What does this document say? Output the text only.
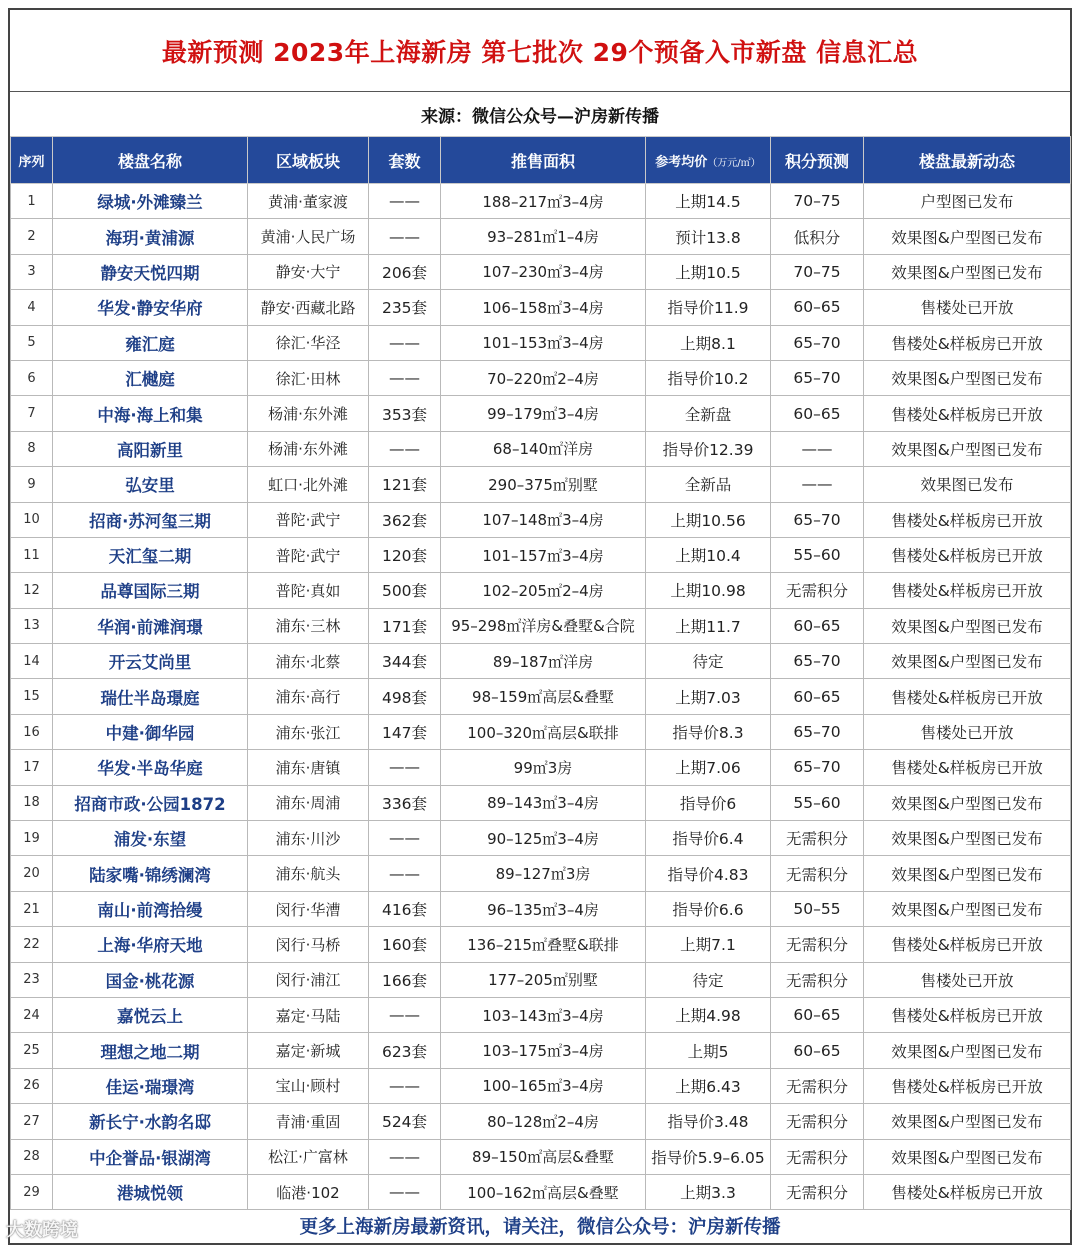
最新预测 2023年上海新房 第七批次 29个预备入市新盘 信息汇总
来源：微信公众号—沪房新传播
序列	楼盘名称	区域板块	套数	推售面积	参考均价（万元/㎡）	积分预测	楼盘最新动态
1	绿城·外滩臻兰	黄浦·董家渡	——	188–217㎡3–4房	上期14.5	70–75	户型图已发布
2	海玥·黄浦源	黄浦·人民广场	——	93–281㎡1–4房	预计13.8	低积分	效果图&户型图已发布
3	静安天悦四期	静安·大宁	206套	107–230㎡3–4房	上期10.5	70–75	效果图&户型图已发布
4	华发·静安华府	静安·西藏北路	235套	106–158㎡3–4房	指导价11.9	60–65	售楼处已开放
5	雍汇庭	徐汇·华泾	——	101–153㎡3–4房	上期8.1	65–70	售楼处&样板房已开放
6	汇樾庭	徐汇·田林	——	70–220㎡2–4房	指导价10.2	65–70	效果图&户型图已发布
7	中海·海上和集	杨浦·东外滩	353套	99–179㎡3–4房	全新盘	60–65	售楼处&样板房已开放
8	高阳新里	杨浦·东外滩	——	68–140㎡洋房	指导价12.39	——	效果图&户型图已发布
9	弘安里	虹口·北外滩	121套	290–375㎡别墅	全新品	——	效果图已发布
10	招商·苏河玺三期	普陀·武宁	362套	107–148㎡3–4房	上期10.56	65–70	售楼处&样板房已开放
11	天汇玺二期	普陀·武宁	120套	101–157㎡3–4房	上期10.4	55–60	售楼处&样板房已开放
12	品尊国际三期	普陀·真如	500套	102–205㎡2–4房	上期10.98	无需积分	售楼处&样板房已开放
13	华润·前滩润璟	浦东·三林	171套	95–298㎡洋房&叠墅&合院	上期11.7	60–65	效果图&户型图已发布
14	开云艾尚里	浦东·北蔡	344套	89–187㎡洋房	待定	65–70	效果图&户型图已发布
15	瑞仕半岛璟庭	浦东·高行	498套	98–159㎡高层&叠墅	上期7.03	60–65	售楼处&样板房已开放
16	中建·御华园	浦东·张江	147套	100–320㎡高层&联排	指导价8.3	65–70	售楼处已开放
17	华发·半岛华庭	浦东·唐镇	——	99㎡3房	上期7.06	65–70	售楼处&样板房已开放
18	招商市政·公园1872	浦东·周浦	336套	89–143㎡3–4房	指导价6	55–60	效果图&户型图已发布
19	浦发·东望	浦东·川沙	——	90–125㎡3–4房	指导价6.4	无需积分	效果图&户型图已发布
20	陆家嘴·锦绣澜湾	浦东·航头	——	89–127㎡3房	指导价4.83	无需积分	效果图&户型图已发布
21	南山·前湾拾缦	闵行·华漕	416套	96–135㎡3–4房	指导价6.6	50–55	效果图&户型图已发布
22	上海·华府天地	闵行·马桥	160套	136–215㎡叠墅&联排	上期7.1	无需积分	售楼处&样板房已开放
23	国金·桃花源	闵行·浦江	166套	177–205㎡别墅	待定	无需积分	售楼处已开放
24	嘉悦云上	嘉定·马陆	——	103–143㎡3–4房	上期4.98	60–65	售楼处&样板房已开放
25	理想之地二期	嘉定·新城	623套	103–175㎡3–4房	上期5	60–65	效果图&户型图已发布
26	佳运·瑞璟湾	宝山·顾村	——	100–165㎡3–4房	上期6.43	无需积分	售楼处&样板房已开放
27	新长宁·水韵名邸	青浦·重固	524套	80–128㎡2–4房	指导价3.48	无需积分	效果图&户型图已发布
28	中企誉品·银湖湾	松江·广富林	——	89–150㎡高层&叠墅	指导价5.9–6.05	无需积分	效果图&户型图已发布
29	港城悦领	临港·102	——	100–162㎡高层&叠墅	上期3.3	无需积分	售楼处&样板房已开放
更多上海新房最新资讯，请关注，微信公众号：沪房新传播
大数跨境
